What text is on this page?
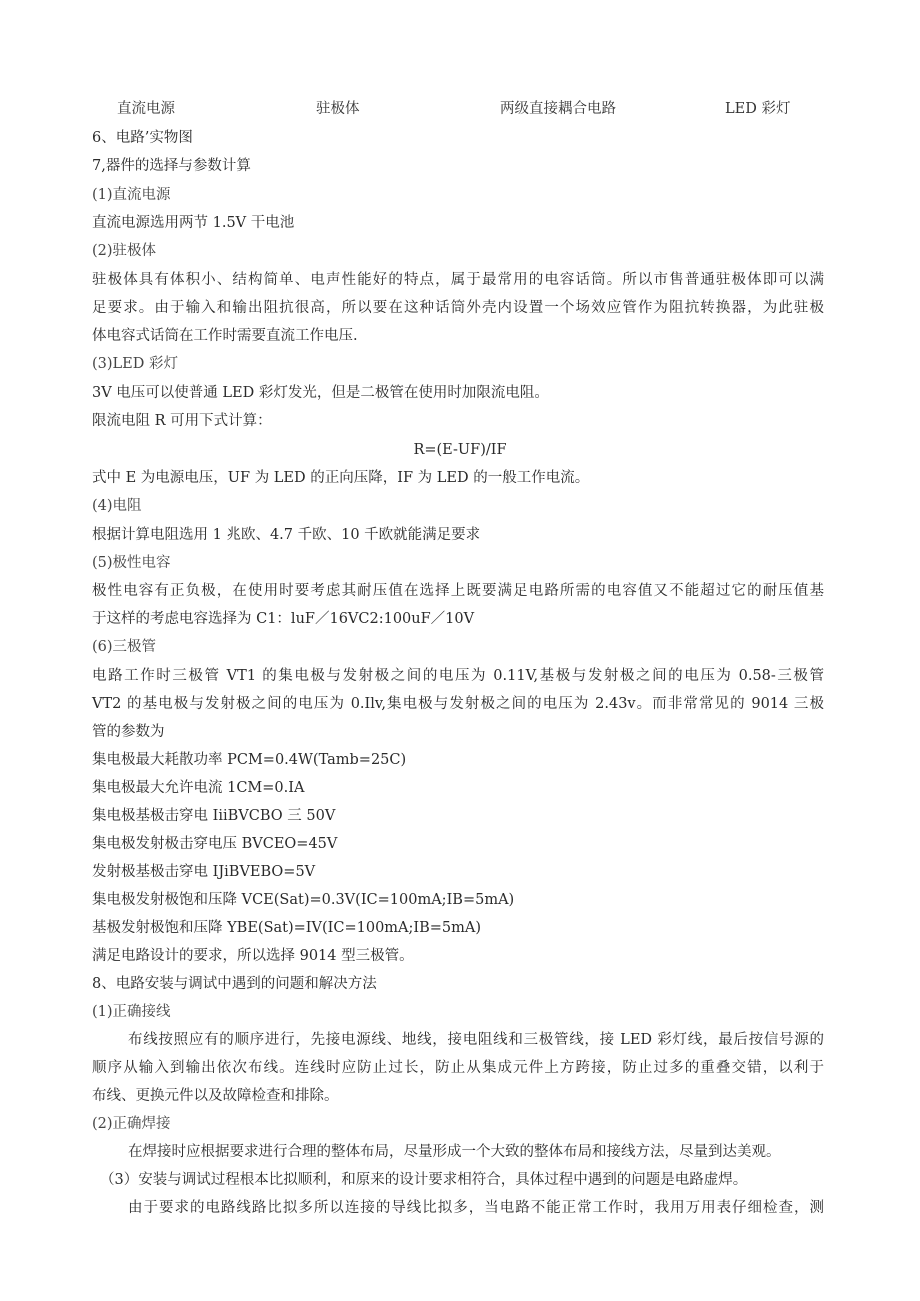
直流电源	驻极体	两级直接耦合电路	LED 彩灯
6、电路’实物图
7,器件的选择与参数计算
(1)直流电源
直流电源选用两节 1.5V 干电池
(2)驻极体
驻极体具有体积小、结构简单、电声性能好的特点，属于最常用的电容话筒。所以市售普通驻极体即可以满
足要求。由于输入和输出阻抗很高，所以要在这种话筒外壳内设置一个场效应管作为阻抗转换器，为此驻极
体电容式话筒在工作时需要直流工作电压.
(3)LED 彩灯
3V 电压可以使普通 LED 彩灯发光，但是二极管在使用时加限流电阻。
限流电阻 R 可用下式计算：
R=(E-UF)/IF
式中 E 为电源电压，UF 为 LED 的正向压降，IF 为 LED 的一般工作电流。
(4)电阻
根据计算电阻选用 1 兆欧、4.7 千欧、10 千欧就能满足要求
(5)极性电容
极性电容有正负极，在使用时要考虑其耐压值在选择上既要满足电路所需的电容值又不能超过它的耐压值基
于这样的考虑电容选择为 C1：luF／16VC2:100uF／10V
(6)三极管
电路工作时三极管 VT1 的集电极与发射极之间的电压为 0.11V,基极与发射极之间的电压为 0.58-三极管
VT2 的基电极与发射极之间的电压为 0.Ilv,集电极与发射极之间的电压为 2.43v。而非常常见的 9014 三极
管的参数为
集电极最大耗散功率 PCM=0.4W(Tamb=25C)
集电极最大允许电流 1CM=0.IA
集电极基极击穿电 IiiBVCBO 三 50V
集电极发射极击穿电压 BVCEO=45V
发射极基极击穿电 IJiBVEBO=5V
集电极发射极饱和压降 VCE(Sat)=0.3V(IC=100mA;IB=5mA)
基极发射极饱和压降 YBE(Sat)=IV(IC=100mA;IB=5mA)
满足电路设计的要求，所以选择 9014 型三极管。
8、电路安装与调试中遇到的问题和解决方法
(1)正确接线
布线按照应有的顺序进行，先接电源线、地线，接电阻线和三极管线，接 LED 彩灯线，最后按信号源的
顺序从输入到输出依次布线。连线时应防止过长，防止从集成元件上方跨接，防止过多的重叠交错，以利于
布线、更换元件以及故障检查和排除。
(2)正确焊接
在焊接时应根据要求进行合理的整体布局，尽量形成一个大致的整体布局和接线方法，尽量到达美观。
（3）安装与调试过程根本比拟顺利，和原来的设计要求相符合，具体过程中遇到的问题是电路虚焊。
由于要求的电路线路比拟多所以连接的导线比拟多，当电路不能正常工作时，我用万用表仔细检查，测
